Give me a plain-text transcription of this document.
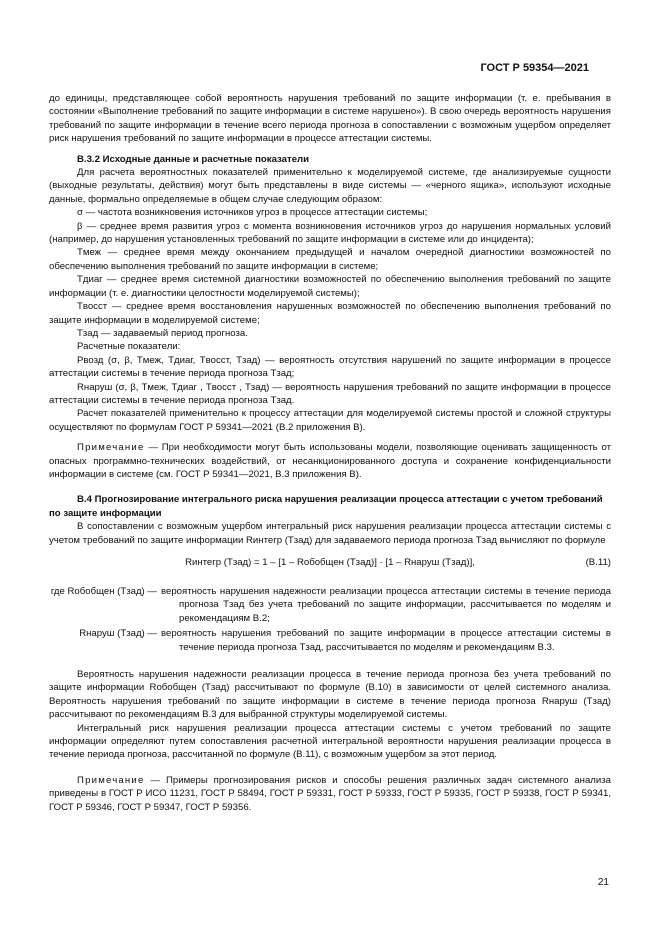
ГОСТ Р 59354—2021

до единицы, представляющее собой вероятность нарушения требований по защите информации (т. е. пребывания в состоянии «Выполнение требований по защите информации в системе нарушено»). В свою очередь вероятность нарушения требований по защите информации в течение всего периода прогноза в сопоставлении с возможным ущербом определяет риск нарушения требований по защите информации в процессе аттестации системы.

В.3.2 Исходные данные и расчетные показатели

Для расчета вероятностных показателей применительно к моделируемой системе, где анализируемые сущности (выходные результаты, действия) могут быть представлены в виде системы — «черного ящика», используют исходные данные, формально определяемые в общем случае следующим образом:

σ — частота возникновения источников угроз в процессе аттестации системы;

β — среднее время развития угроз с момента возникновения источников угроз до нарушения нормальных условий (например, до нарушения установленных требований по защите информации в системе или до инцидента);

Tмеж — среднее время между окончанием предыдущей и началом очередной диагностики возможностей по обеспечению выполнения требований по защите информации в системе;

Tдиаг — среднее время системной диагностики возможностей по обеспечению выполнения требований по защите информации (т. е. диагностики целостности моделируемой системы);

Tвосст — среднее время восстановления нарушенных возможностей по обеспечению выполнения требований по защите информации в моделируемой системе;

Tзад — задаваемый период прогноза.

Расчетные показатели:

Pвозд (σ, β, Tмеж, Tдиаг, Tвосст, Tзад) — вероятность отсутствия нарушений по защите информации в процессе аттестации системы в течение периода прогноза Tзад;

Rнаруш (σ, β, Tмеж, Tдиаг , Tвосст , Tзад) — вероятность нарушения требований по защите информации в процессе аттестации системы в течение периода прогноза Tзад.

Расчет показателей применительно к процессу аттестации для моделируемой системы простой и сложной структуры осуществляют по формулам ГОСТ Р 59341—2021 (В.2 приложения В).

Примечание — При необходимости могут быть использованы модели, позволяющие оценивать защищенность от опасных программно-технических воздействий, от несанкционированного доступа и сохранение конфиденциальности информации в системе (см. ГОСТ Р 59341—2021, В.3 приложения В).

В.4 Прогнозирование интегрального риска нарушения реализации процесса аттестации с учетом требований по защите информации

В сопоставлении с возможным ущербом интегральный риск нарушения реализации процесса аттестации системы с учетом требований по защите информации Rинтегр (Tзад) для задаваемого периода прогноза Tзад вычисляют по формуле

Rинтегр (Tзад) = 1 – [1 – Rобобщен (Tзад)] · [1 – Rнаруш (Tзад)],	(В.11)
где Rобобщен (Tзад) — вероятность нарушения надежности реализации процесса аттестации системы в течение периода прогноза Tзад без учета требований по защите информации, рассчитывается по моделям и рекомендациям В.2;
Rнаруш (Tзад) — вероятность нарушения требований по защите информации в процессе аттестации системы в течение периода прогноза Tзад, рассчитывается по моделям и рекомендациям В.3.

Вероятность нарушения надежности реализации процесса в течение периода прогноза без учета требований по защите информации Rобобщен (Tзад) рассчитывают по формуле (В.10) в зависимости от целей системного анализа. Вероятность нарушения требований по защите информации в системе в течение периода прогноза Rнаруш (Tзад) рассчитывают по рекомендациям В.3 для выбранной структуры моделируемой системы.

Интегральный риск нарушения реализации процесса аттестации системы с учетом требований по защите информации определяют путем сопоставления расчетной интегральной вероятности нарушения реализации процесса в течение периода прогноза, рассчитанной по формуле (В.11), с возможным ущербом за этот период.

Примечание — Примеры прогнозирования рисков и способы решения различных задач системного анализа приведены в ГОСТ Р ИСО 11231, ГОСТ Р 58494, ГОСТ Р 59331, ГОСТ Р 59333, ГОСТ Р 59335, ГОСТ Р 59338, ГОСТ Р 59341, ГОСТ Р 59346, ГОСТ Р 59347, ГОСТ Р 59356.

21
